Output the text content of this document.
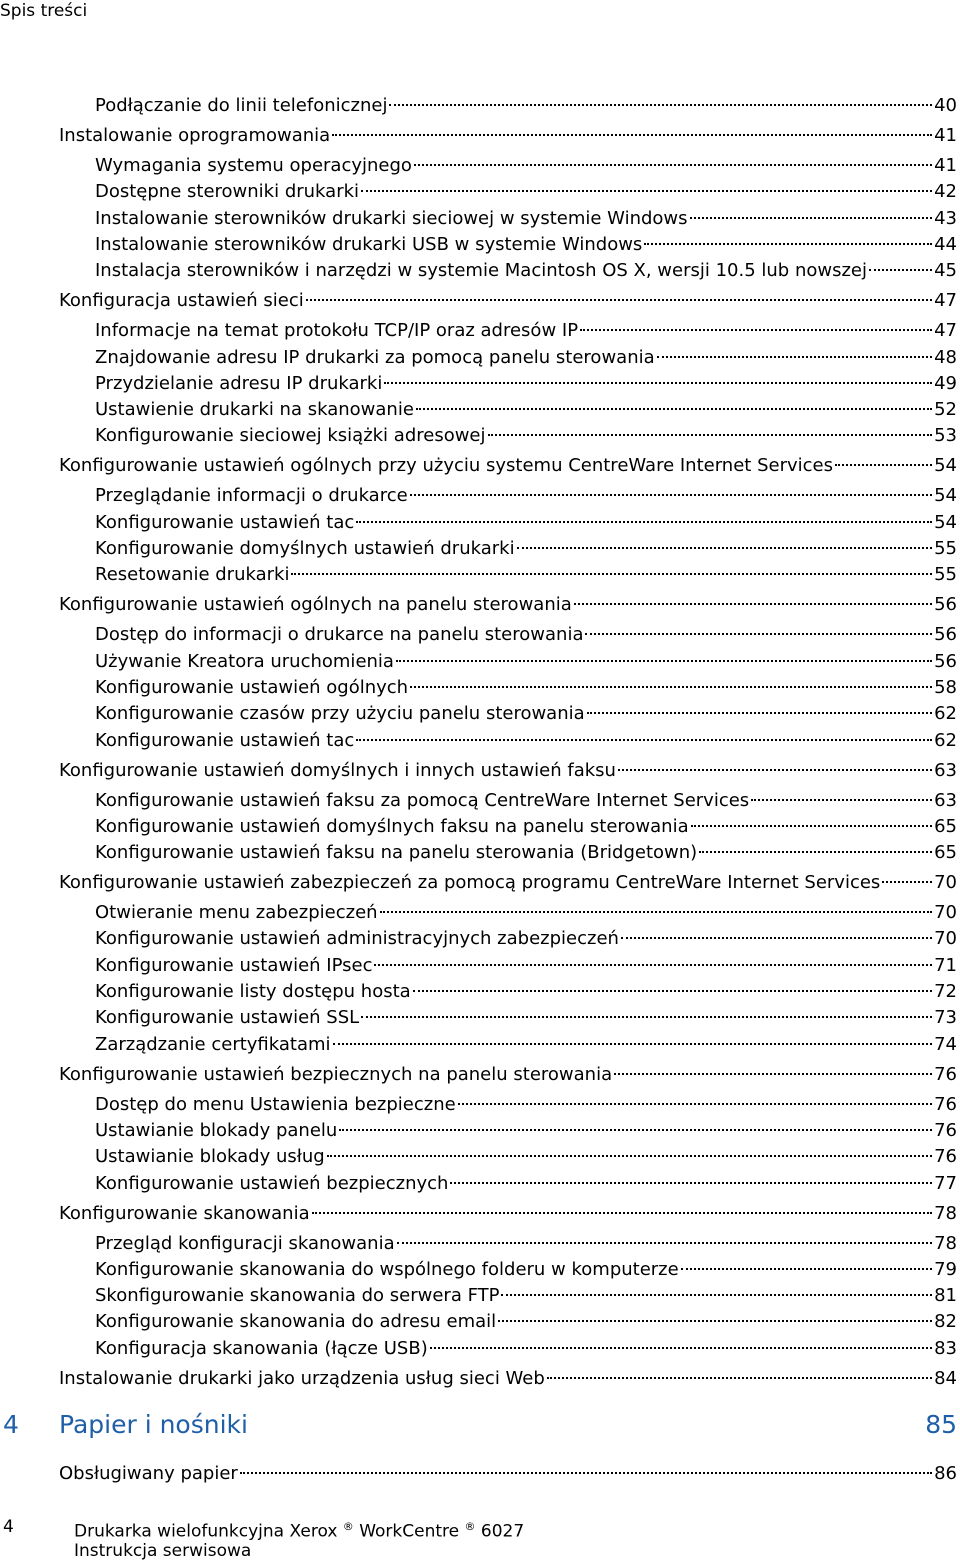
Spis treści
Podłączanie do linii telefonicznej	40
Instalowanie oprogramowania	41
Wymagania systemu operacyjnego	41
Dostępne sterowniki drukarki	42
Instalowanie sterowników drukarki sieciowej w systemie Windows	43
Instalowanie sterowników drukarki USB w systemie Windows	44
Instalacja sterowników i narzędzi w systemie Macintosh OS X, wersji 10.5 lub nowszej	45
Konfiguracja ustawień sieci	47
Informacje na temat protokołu TCP/IP oraz adresów IP	47
Znajdowanie adresu IP drukarki za pomocą panelu sterowania	48
Przydzielanie adresu IP drukarki	49
Ustawienie drukarki na skanowanie	52
Konfigurowanie sieciowej książki adresowej	53
Konfigurowanie ustawień ogólnych przy użyciu systemu CentreWare Internet Services	54
Przeglądanie informacji o drukarce	54
Konfigurowanie ustawień tac	54
Konfigurowanie domyślnych ustawień drukarki	55
Resetowanie drukarki	55
Konfigurowanie ustawień ogólnych na panelu sterowania	56
Dostęp do informacji o drukarce na panelu sterowania	56
Używanie Kreatora uruchomienia	56
Konfigurowanie ustawień ogólnych	58
Konfigurowanie czasów przy użyciu panelu sterowania	62
Konfigurowanie ustawień tac	62
Konfigurowanie ustawień domyślnych i innych ustawień faksu	63
Konfigurowanie ustawień faksu za pomocą CentreWare Internet Services	63
Konfigurowanie ustawień domyślnych faksu na panelu sterowania	65
Konfigurowanie ustawień faksu na panelu sterowania (Bridgetown)	65
Konfigurowanie ustawień zabezpieczeń za pomocą programu CentreWare Internet Services	70
Otwieranie menu zabezpieczeń	70
Konfigurowanie ustawień administracyjnych zabezpieczeń	70
Konfigurowanie ustawień IPsec	71
Konfigurowanie listy dostępu hosta	72
Konfigurowanie ustawień SSL	73
Zarządzanie certyfikatami	74
Konfigurowanie ustawień bezpiecznych na panelu sterowania	76
Dostęp do menu Ustawienia bezpieczne	76
Ustawianie blokady panelu	76
Ustawianie blokady usług	76
Konfigurowanie ustawień bezpiecznych	77
Konfigurowanie skanowania	78
Przegląd konfiguracji skanowania	78
Konfigurowanie skanowania do wspólnego folderu w komputerze	79
Skonfigurowanie skanowania do serwera FTP	81
Konfigurowanie skanowania do adresu email	82
Konfiguracja skanowania (łącze USB)	83
Instalowanie drukarki jako urządzenia usług sieci Web	84
4 Papier i nośniki	85
Obsługiwany papier	86
4	Drukarka wielofunkcyjna Xerox ® WorkCentre ® 6027
Instrukcja serwisowa
